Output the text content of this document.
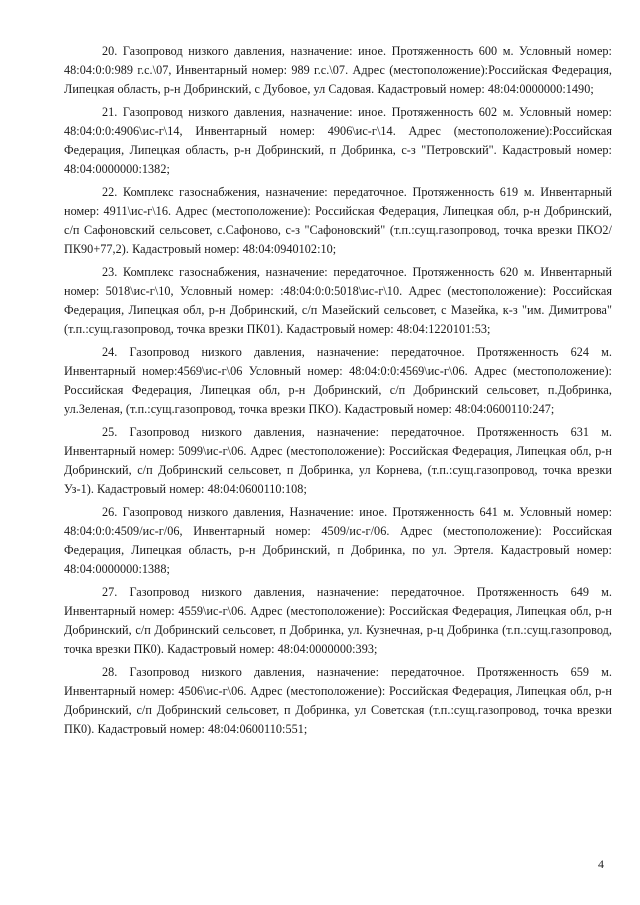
20. Газопровод низкого давления, назначение: иное. Протяженность 600 м. Условный номер: 48:04:0:0:989 г.с.\07, Инвентарный номер: 989 г.с.\07. Адрес (местоположение):Российская Федерация, Липецкая область, р-н Добринский, с Дубовое, ул Садовая. Кадастровый номер: 48:04:0000000:1490;

21. Газопровод низкого давления, назначение: иное. Протяженность 602 м. Условный номер: 48:04:0:0:4906\ис-г\14, Инвентарный номер: 4906\ис-г\14. Адрес (местоположение):Российская Федерация, Липецкая область, р-н Добринский, п Добринка, с-з "Петровский". Кадастровый номер: 48:04:0000000:1382;

22. Комплекс газоснабжения, назначение: передаточное. Протяженность 619 м. Инвентарный номер: 4911\ис-г\16. Адрес (местоположение): Российская Федерация, Липецкая обл, р-н Добринский, с/п Сафоновский сельсовет, с.Сафоново, с-з "Сафоновский" (т.п.:сущ.газопровод, точка врезки ПКО2/ПК90+77,2). Кадастровый номер: 48:04:0940102:10;

23. Комплекс газоснабжения, назначение: передаточное. Протяженность 620 м. Инвентарный номер: 5018\ис-г\10, Условный номер: :48:04:0:0:5018\ис-г\10. Адрес (местоположение): Российская Федерация, Липецкая обл, р-н Добринский, с/п Мазейский сельсовет, с Мазейка, к-з "им. Димитрова" (т.п.:сущ.газопровод, точка врезки ПК01). Кадастровый номер: 48:04:1220101:53;

24. Газопровод низкого давления, назначение: передаточное. Протяженность 624 м. Инвентарный номер:4569\ис-г\06 Условный номер: 48:04:0:0:4569\ис-г\06. Адрес (местоположение): Российская Федерация, Липецкая обл, р-н Добринский, с/п Добринский сельсовет, п.Добринка, ул.Зеленая, (т.п.:сущ.газопровод, точка врезки ПКО). Кадастровый номер: 48:04:0600110:247;

25. Газопровод низкого давления, назначение: передаточное. Протяженность 631 м. Инвентарный номер: 5099\ис-г\06. Адрес (местоположение): Российская Федерация, Липецкая обл, р-н Добринский, с/п Добринский сельсовет, п Добринка, ул Корнева, (т.п.:сущ.газопровод, точка врезки Уз-1). Кадастровый номер: 48:04:0600110:108;

26. Газопровод низкого давления, Назначение: иное. Протяженность 641 м. Условный номер: 48:04:0:0:4509/ис-г/06, Инвентарный номер: 4509/ис-г/06. Адрес (местоположение): Российская Федерация, Липецкая область, р-н Добринский, п Добринка, по ул. Эртеля. Кадастровый номер: 48:04:0000000:1388;

27. Газопровод низкого давления, назначение: передаточное. Протяженность 649 м. Инвентарный номер: 4559\ис-г\06. Адрес (местоположение): Российская Федерация, Липецкая обл, р-н Добринский, с/п Добринский сельсовет, п Добринка, ул. Кузнечная, р-ц Добринка (т.п.:сущ.газопровод, точка врезки ПК0). Кадастровый номер: 48:04:0000000:393;

28. Газопровод низкого давления, назначение: передаточное. Протяженность 659 м. Инвентарный номер: 4506\ис-г\06. Адрес (местоположение): Российская Федерация, Липецкая обл, р-н Добринский, с/п Добринский сельсовет, п Добринка, ул Советская (т.п.:сущ.газопровод, точка врезки ПК0). Кадастровый номер: 48:04:0600110:551;

4
